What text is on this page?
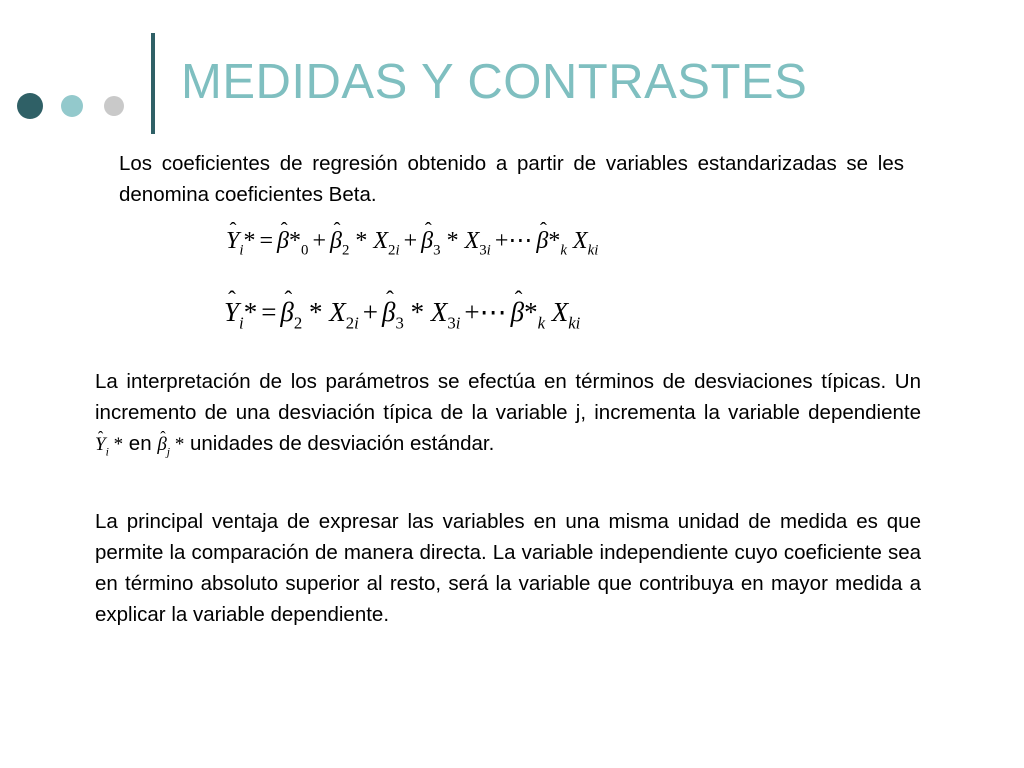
MEDIDAS Y CONTRASTES
Los coeficientes de regresión obtenido a partir de variables estandarizadas se les denomina coeficientes Beta.
ˆ $Y_i*$ = ˆ $\beta*_0$ + ˆ $\beta_2 * X_{2i}$ + ˆ $\beta_3 * X_{3i}$ +⋯ ˆ $\beta*_k$ $X_{ki}$
ˆ $Y_i*$ = ˆ $\beta_2 * X_{2i}$ + ˆ $\beta_3 * X_{3i}$ +⋯ ˆ $\beta*_k$ $X_{ki}$
La interpretación de los parámetros se efectúa en términos de desviaciones típicas. Un incremento de una desviación típica de la variable j, incrementa la variable dependiente ˆ $Y_i$ * en ˆ $\beta_j$ * unidades de desviación estándar.
La principal ventaja de expresar las variables en una misma unidad de medida es que permite la comparación de manera directa. La variable independiente cuyo coeficiente sea en término absoluto superior al resto, será la variable que contribuya en mayor medida a explicar la variable dependiente.
